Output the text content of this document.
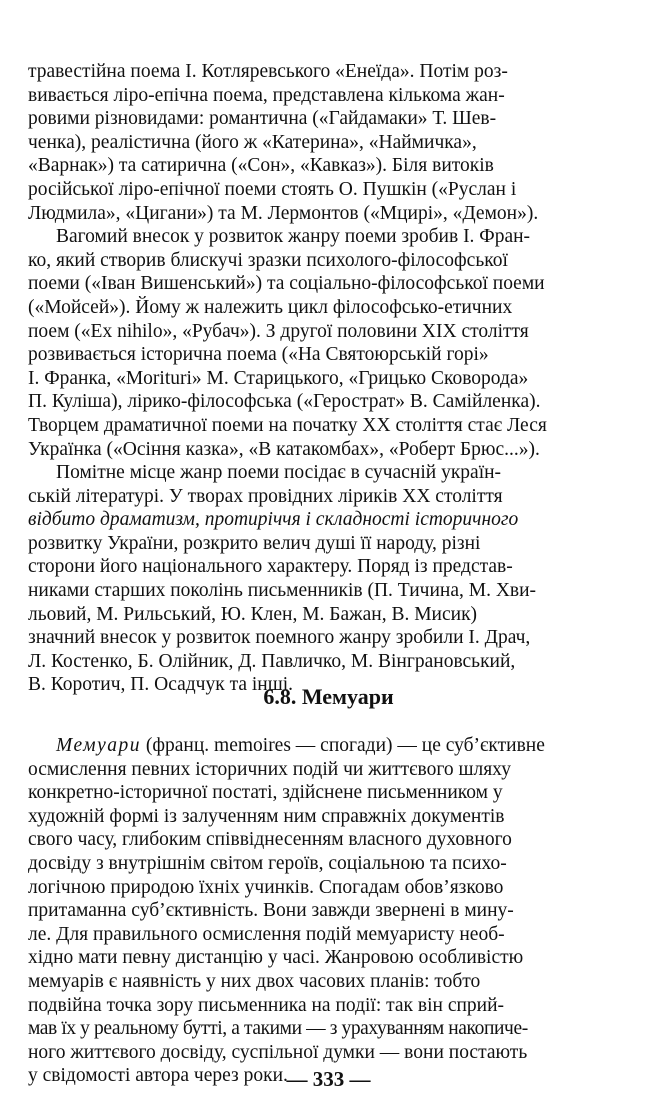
травестійна поема І. Котляревського «Енеїда». Потім роз-
вивається ліро-епічна поема, представлена кількома жан-
ровими різновидами: романтична («Гайдамаки» Т. Шев-
ченка), реалістична (його ж «Катерина», «Наймичка»,
«Варнак») та сатирична («Сон», «Кавказ»). Біля витоків
російської ліро-епічної поеми стоять О. Пушкін («Руслан і
Людмила», «Цигани») та М. Лермонтов («Мцирі», «Демон»).
Вагомий внесок у розвиток жанру поеми зробив І. Фран-
ко, який створив блискучі зразки психолого-філософської
поеми («Іван Вишенський») та соціально-філософської поеми
(«Мойсей»). Йому ж належить цикл філософсько-етичних
поем («Ex nihilo», «Рубач»). З другої половини XIX століття
розвивається історична поема («На Святоюрській горі»
І. Франка, «Morituri» М. Старицького, «Грицько Сковорода»
П. Куліша), лірико-філософська («Герострат» В. Самійленка).
Творцем драматичної поеми на початку XX століття стає Леся
Українка («Осіння казка», «В катакомбах», «Роберт Брюс...»).
Помітне місце жанр поеми посідає в сучасній україн-
ській літературі. У творах провідних ліриків XX століття
відбито драматизм, протиріччя і складності історичного
розвитку України, розкрито велич душі її народу, різні
сторони його національного характеру. Поряд із представ-
никами старших поколінь письменників (П. Тичина, М. Хви-
льовий, М. Рильський, Ю. Клен, М. Бажан, В. Мисик)
значний внесок у розвиток поемного жанру зробили І. Драч,
Л. Костенко, Б. Олійник, Д. Павличко, М. Вінграновський,
В. Коротич, П. Осадчук та інші.
6.8. Мемуари
Мемуари (франц. memoires — спогади) — це суб’єктивне
осмислення певних історичних подій чи життєвого шляху
конкретно-історичної постаті, здійснене письменником у
художній формі із залученням ним справжніх документів
свого часу, глибоким співвіднесенням власного духовного
досвіду з внутрішнім світом героїв, соціальною та психо-
логічною природою їхніх учинків. Спогадам обов’язково
притаманна суб’єктивність. Вони завжди звернені в мину-
ле. Для правильного осмислення подій мемуаристу необ-
хідно мати певну дистанцію у часі. Жанровою особливістю
мемуарів є наявність у них двох часових планів: тобто
подвійна точка зору письменника на події: так він сприй-
мав їх у реальному бутті, а такими — з урахуванням накопиче-
ного життєвого досвіду, суспільної думки — вони постають
у свідомості автора через роки.
— 333 —
